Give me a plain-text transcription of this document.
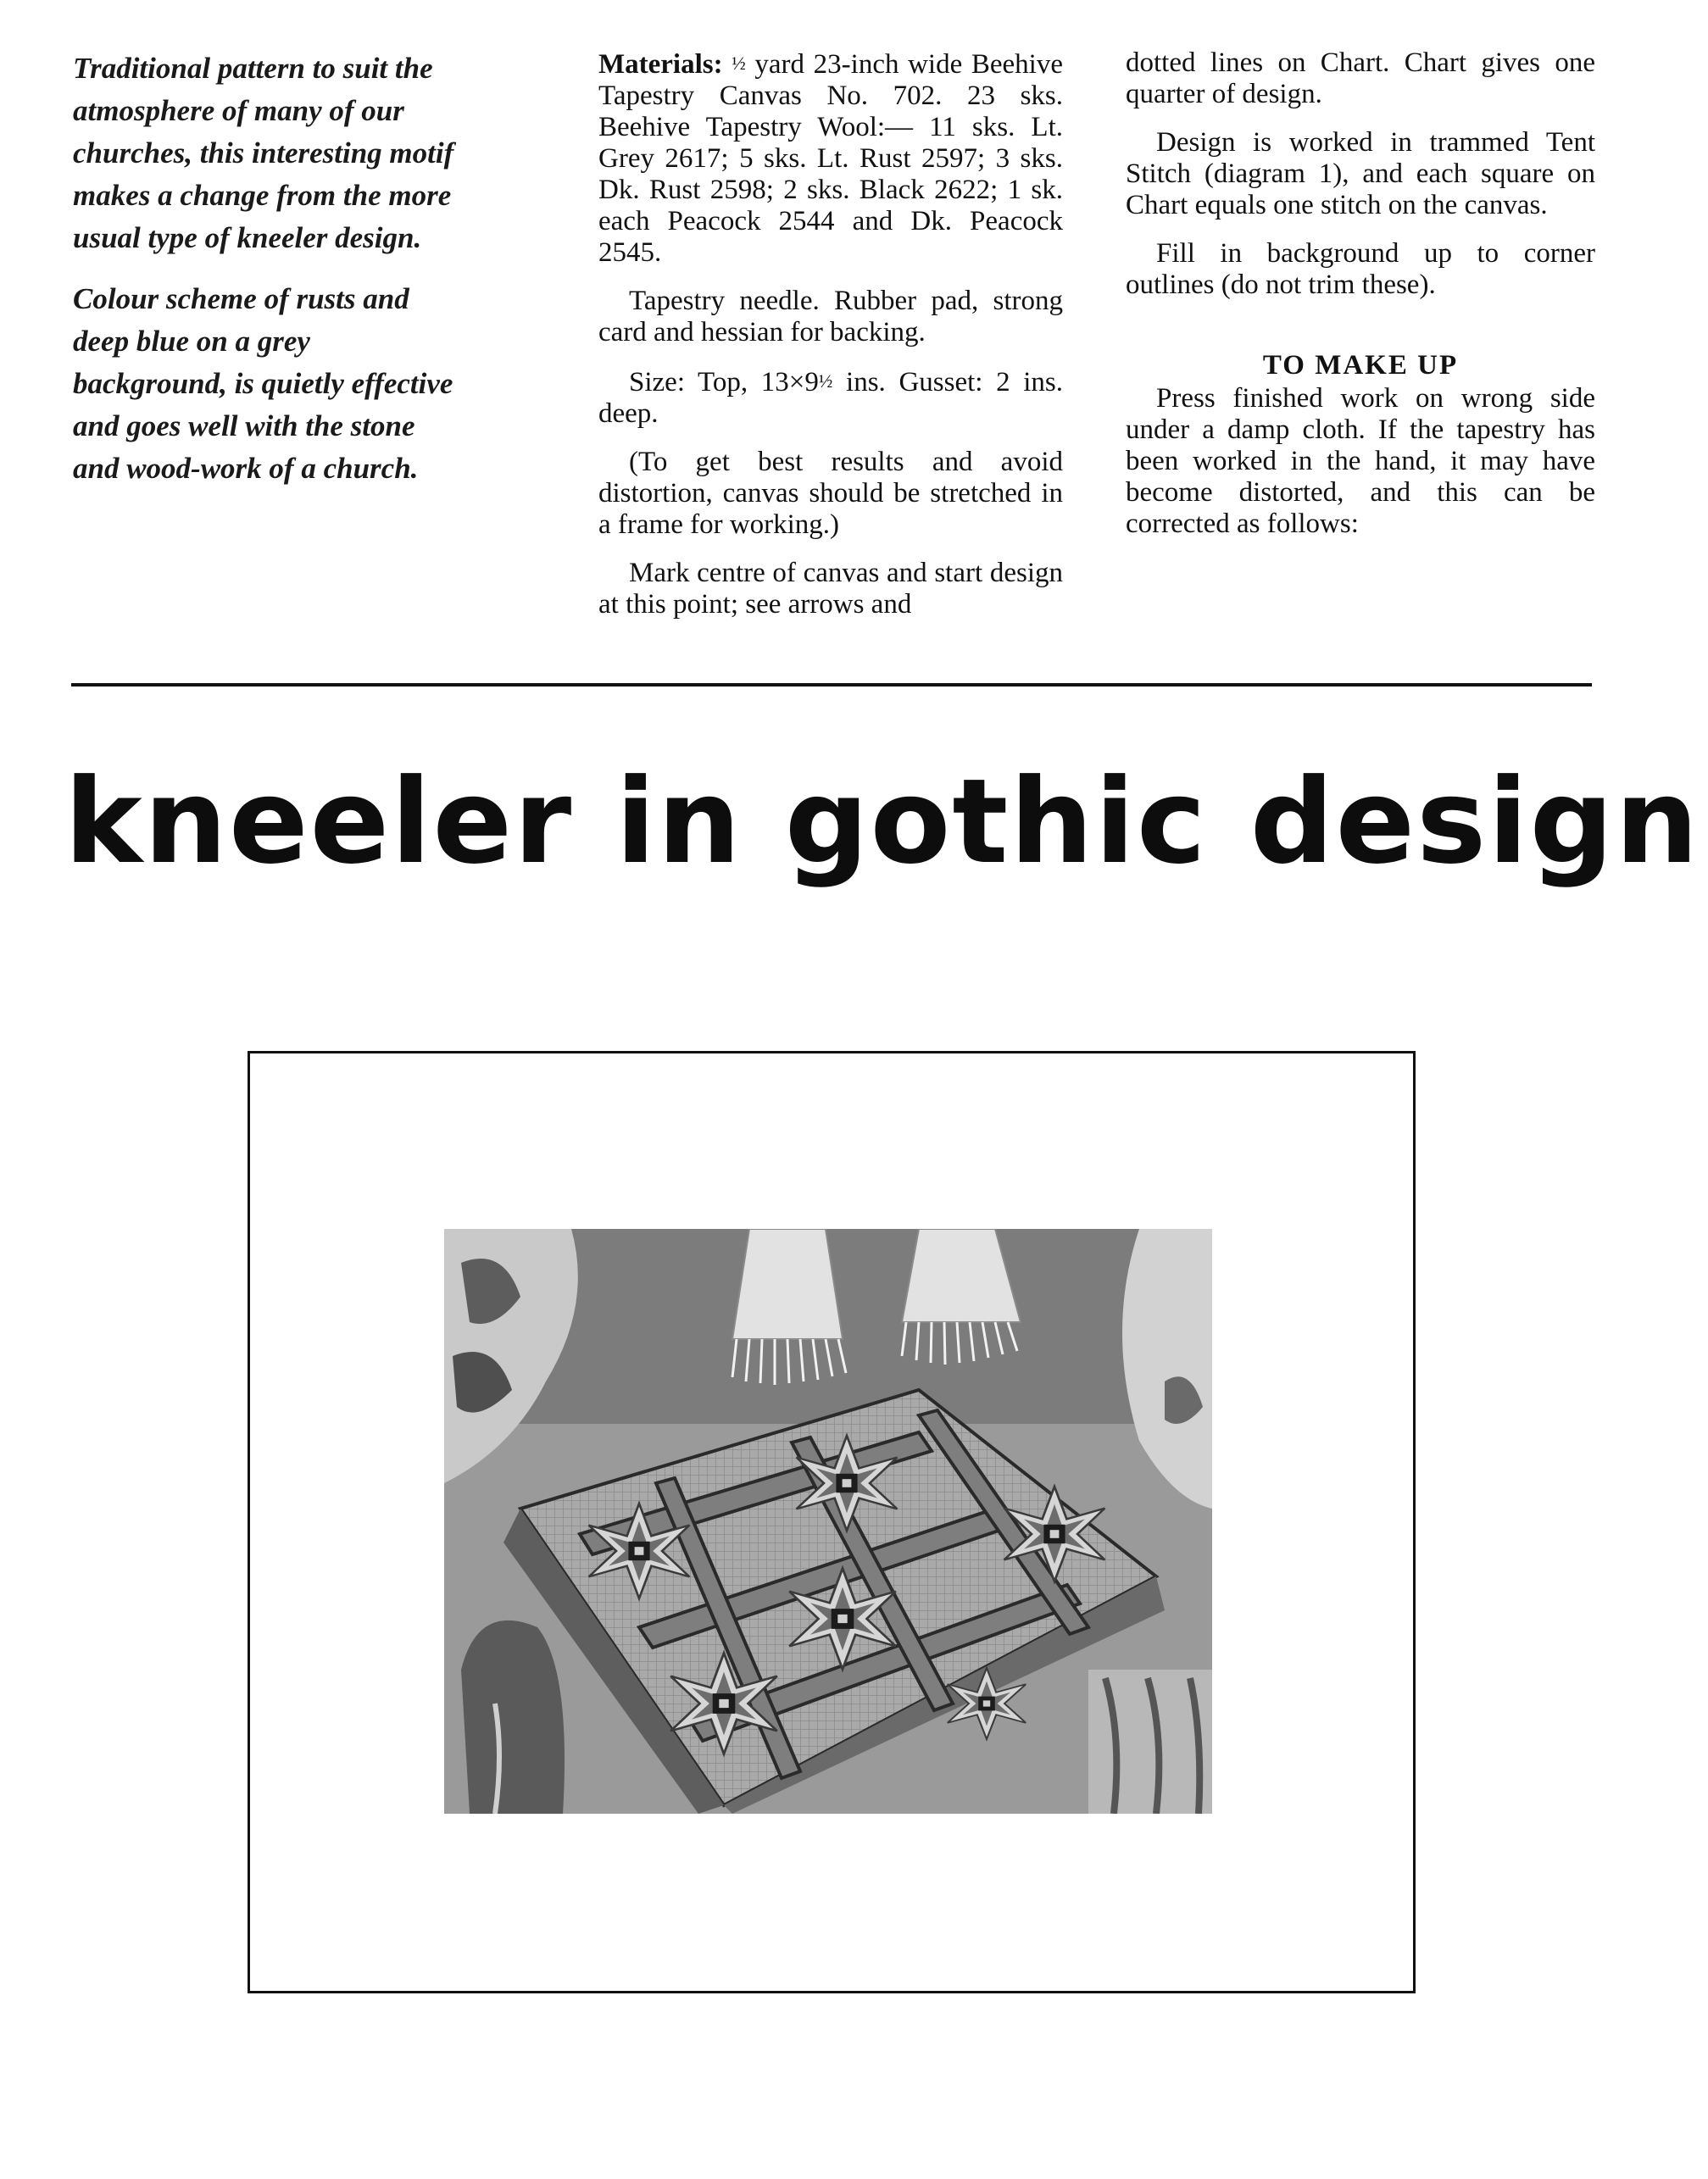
Traditional pattern to suit the atmosphere of many of our churches, this interesting motif makes a change from the more usual type of kneeler design.

Colour scheme of rusts and deep blue on a grey background, is quietly effective and goes well with the stone and wood-work of a church.

Materials: ½ yard 23-inch wide Beehive Tapestry Canvas No. 702. 23 sks. Beehive Tapestry Wool:— 11 sks. Lt. Grey 2617; 5 sks. Lt. Rust 2597; 3 sks. Dk. Rust 2598; 2 sks. Black 2622; 1 sk. each Peacock 2544 and Dk. Peacock 2545.

Tapestry needle. Rubber pad, strong card and hessian for backing.

Size: Top, 13×9½ ins. Gusset: 2 ins. deep.

(To get best results and avoid distortion, canvas should be stretched in a frame for working.)

Mark centre of canvas and start design at this point; see arrows and

dotted lines on Chart. Chart gives one quarter of design.

Design is worked in trammed Tent Stitch (diagram 1), and each square on Chart equals one stitch on the canvas.

Fill in background up to corner outlines (do not trim these).

TO MAKE UP

Press finished work on wrong side under a damp cloth. If the tapestry has been worked in the hand, it may have become distorted, and this can be corrected as follows:

kneeler in gothic design
